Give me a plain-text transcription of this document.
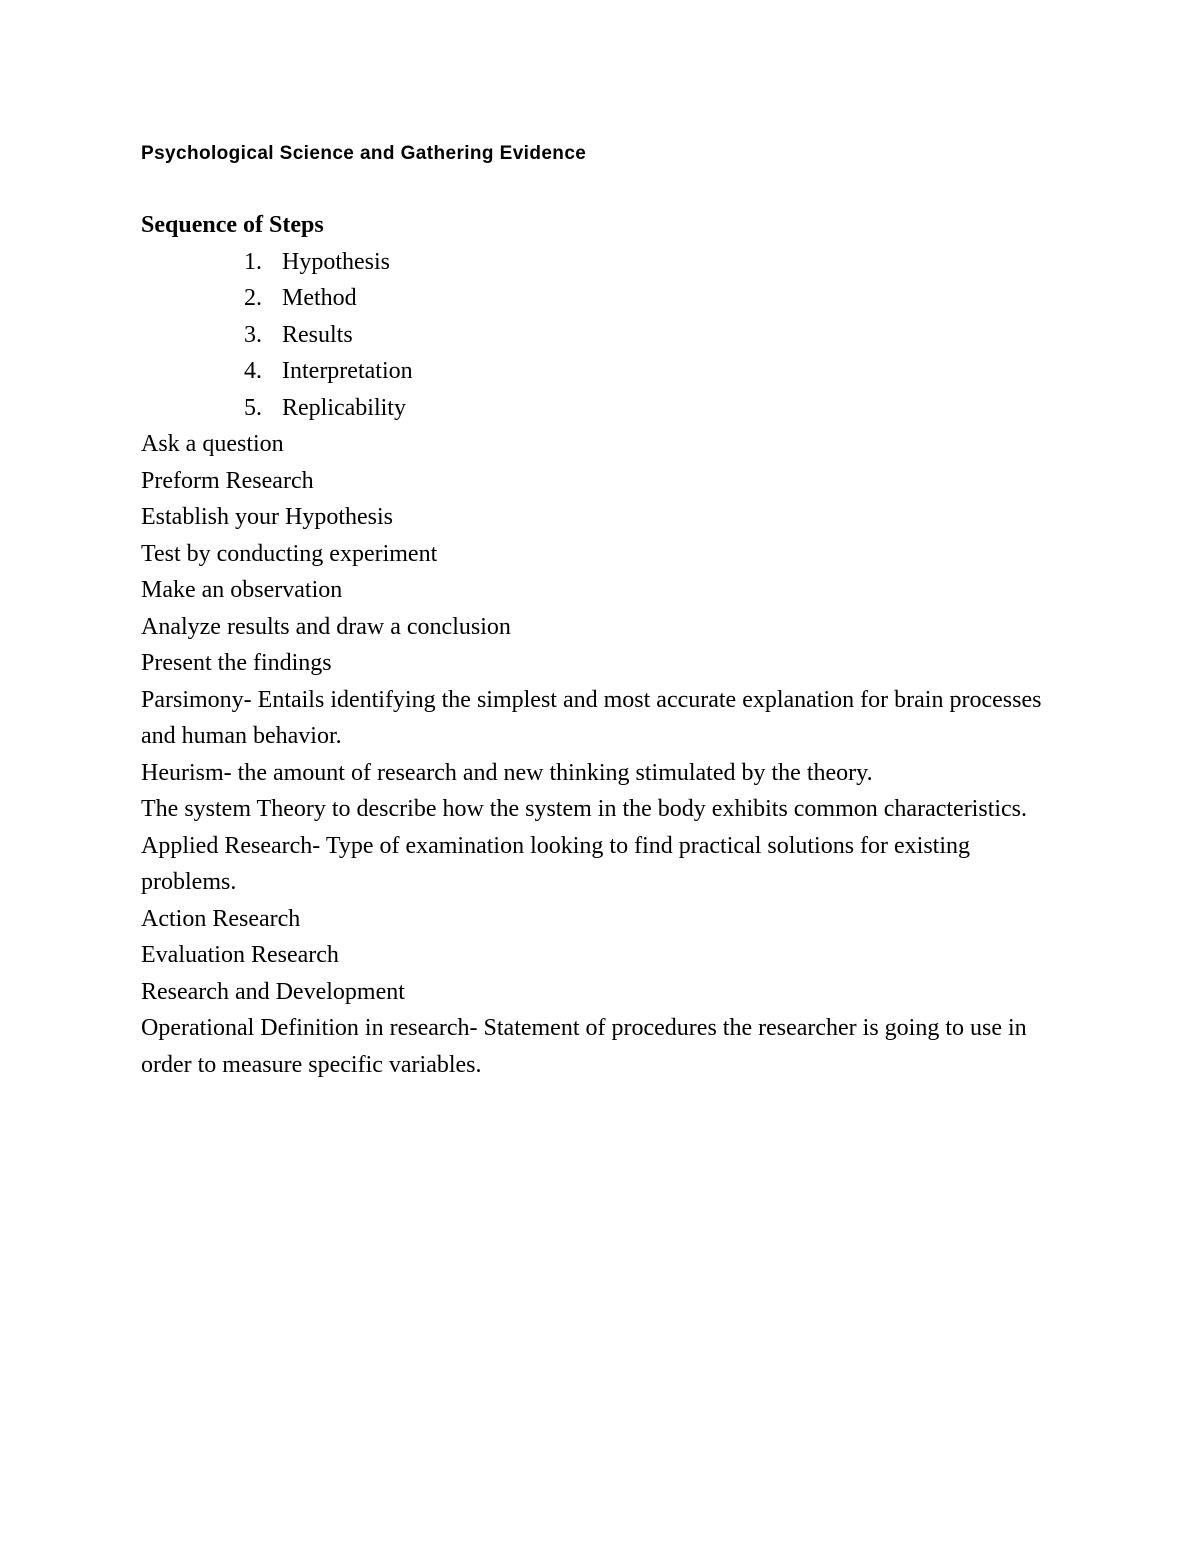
Psychological Science and Gathering Evidence

Sequence of Steps

1. Hypothesis
2. Method
3. Results
4. Interpretation
5. Replicability

Ask a question

Preform Research

Establish your Hypothesis

Test by conducting experiment

Make an observation

Analyze results and draw a conclusion

Present the findings

Parsimony- Entails identifying the simplest and most accurate explanation for brain processes and human behavior.

Heurism- the amount of research and new thinking stimulated by the theory.

The system Theory to describe how the system in the body exhibits common characteristics.

Applied Research- Type of examination looking to find practical solutions for existing problems.

Action Research

Evaluation Research

Research and Development

Operational Definition in research- Statement of procedures the researcher is going to use in order to measure specific variables.
